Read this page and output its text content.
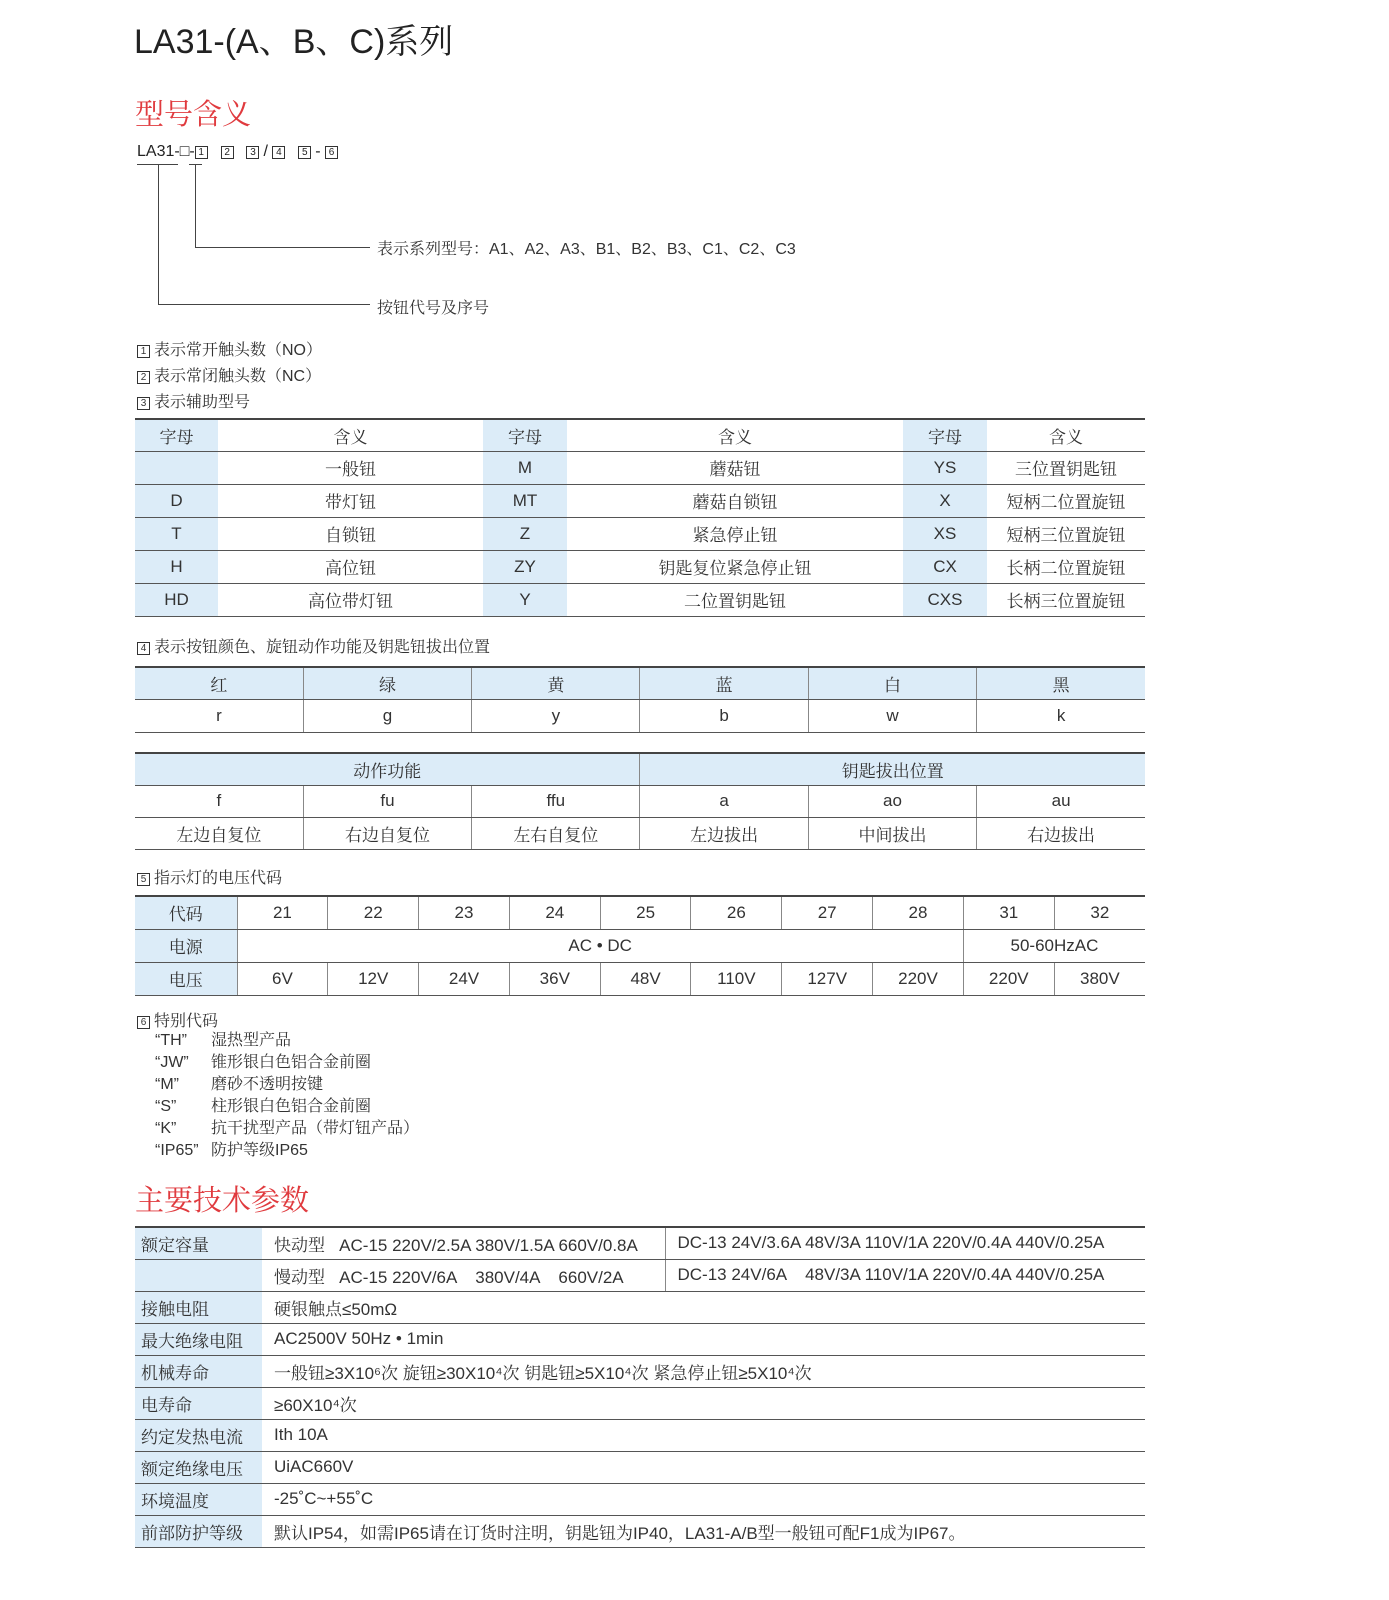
LA31-(A、B、C)系列
型号含义
LA31-□- 1 2 3 / 4 5 - 6
表示系列型号：A1、A2、A3、B1、B2、B3、C1、C2、C3
按钮代号及序号
1 表示常开触头数（NO）
2 表示常闭触头数（NC）
3 表示辅助型号
字母	含义	字母	含义	字母	含义
	一般钮	M	蘑菇钮	YS	三位置钥匙钮
D	带灯钮	MT	蘑菇自锁钮	X	短柄二位置旋钮
T	自锁钮	Z	紧急停止钮	XS	短柄三位置旋钮
H	高位钮	ZY	钥匙复位紧急停止钮	CX	长柄二位置旋钮
HD	高位带灯钮	Y	二位置钥匙钮	CXS	长柄三位置旋钮
4 表示按钮颜色、旋钮动作功能及钥匙钮拔出位置
红	绿	黄	蓝	白	黑
r	g	y	b	w	k
动作功能			钥匙拔出位置		
f	fu	ffu	a	ao	au
左边自复位	右边自复位	左右自复位	左边拔出	中间拔出	右边拔出
5 指示灯的电压代码
代码	21	22	23	24	25	26	27	28	31	32
电源	AC • DC								50-60HzAC	
电压	6V	12V	24V	36V	48V	110V	127V	220V	220V	380V
6 特别代码
“TH” 湿热型产品
“JW” 锥形银白色铝合金前圈
“M” 磨砂不透明按键
“S” 柱形银白色铝合金前圈
“K” 抗干扰型产品（带灯钮产品）
“IP65” 防护等级IP65
主要技术参数
额定容量	快动型   AC-15 220V/2.5A 380V/1.5A 660V/0.8A	DC-13 24V/3.6A 48V/3A 110V/1A 220V/0.4A 440V/0.25A
	慢动型   AC-15 220V/6A    380V/4A    660V/2A	DC-13 24V/6A    48V/3A 110V/1A 220V/0.4A 440V/0.25A
接触电阻	硬银触点≤50mΩ	
最大绝缘电阻	AC2500V 50Hz • 1min	
机械寿命	一般钮≥3X10⁶次 旋钮≥30X10⁴次 钥匙钮≥5X10⁴次 紧急停止钮≥5X10⁴次	
电寿命	≥60X10⁴次	
约定发热电流	Ith 10A	
额定绝缘电压	UiAC660V	
环境温度	-25˚C~+55˚C	
前部防护等级	默认IP54，如需IP65请在订货时注明，钥匙钮为IP40，LA31-A/B型一般钮可配F1成为IP67。	
